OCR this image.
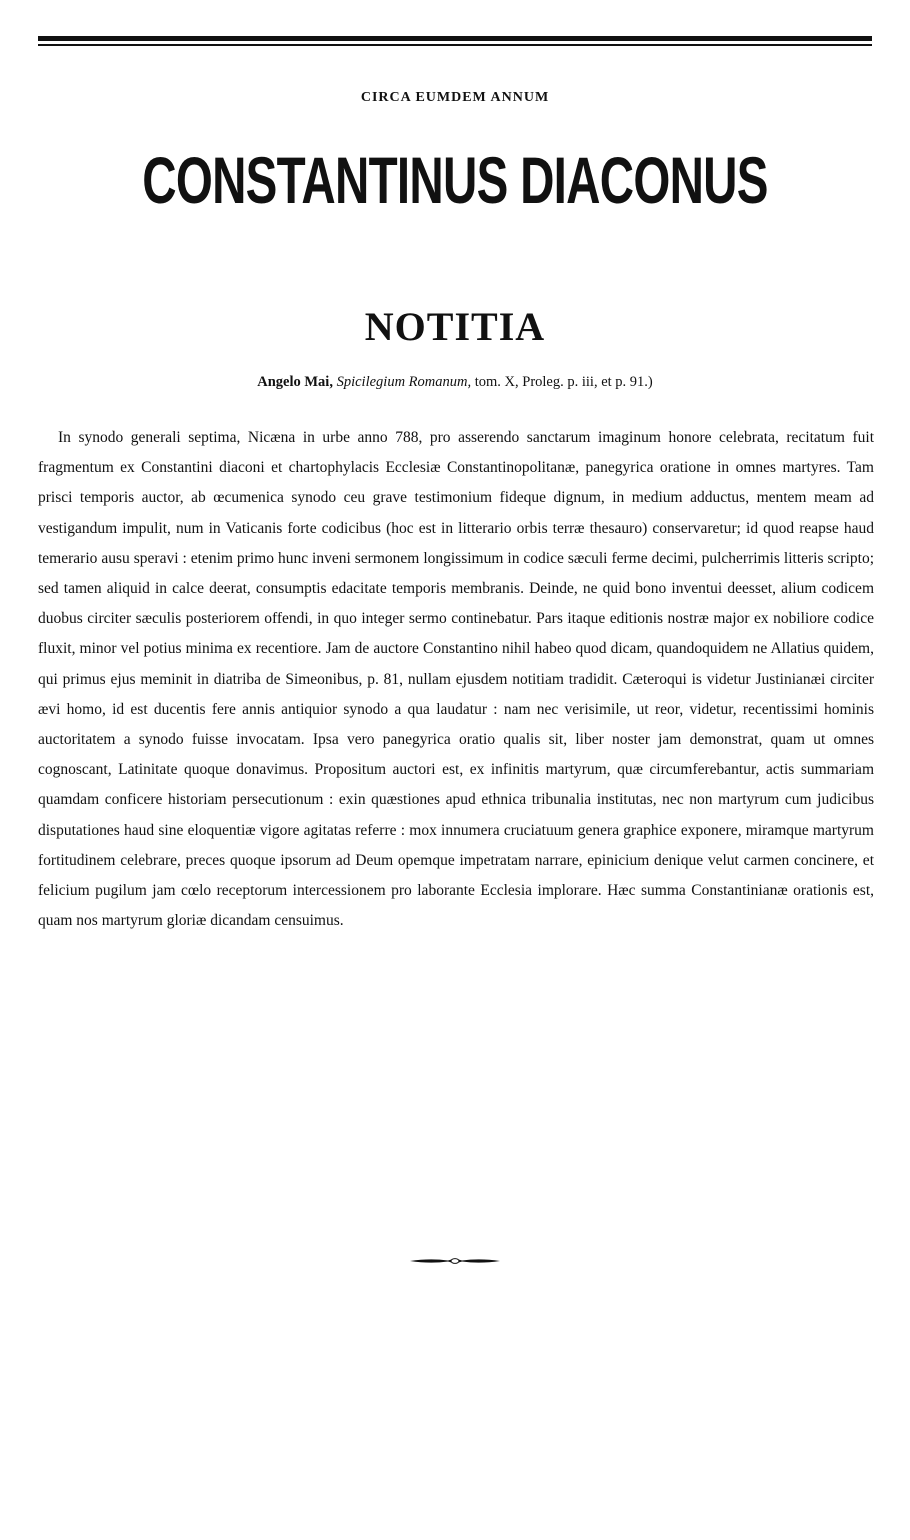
CIRCA EUMDEM ANNUM
CONSTANTINUS DIACONUS
NOTITIA
Angelo Mai, Spicilegium Romanum, tom. X, Proleg. p. iii, et p. 91.)

In synodo generali septima, Nicæna in urbe anno 788, pro asserendo sanctarum imaginum honore celebrata, recitatum fuit fragmentum ex Constantini diaconi et chartophylacis Ecclesiæ Constantinopolitanæ, panegyrica oratione in omnes martyres. Tam prisci temporis auctor, ab œcumenica synodo ceu grave testimonium fideque dignum, in medium adductus, mentem meam ad vestigandum impulit, num in Vaticanis forte codicibus (hoc est in litterario orbis terræ thesauro) conservaretur; id quod reapse haud temerario ausu speravi : etenim primo hunc inveni sermonem longissimum in codice sæculi ferme decimi, pulcherrimis litteris scripto; sed tamen aliquid in calce deerat, consumptis edacitate temporis membranis. Deinde, ne quid bono inventui deesset, alium codicem duobus circiter sæculis posteriorem offendi, in quo integer sermo continebatur. Pars itaque editionis nostræ major ex nobiliore codice fluxit, minor vel potius minima ex recentiore. Jam de auctore Constantino nihil habeo quod dicam, quandoquidem ne Allatius quidem, qui primus ejus meminit in diatriba de Simeonibus, p. 81, nullam ejusdem notitiam tradidit. Cæteroqui is videtur Justinianæi circiter ævi homo, id est ducentis fere annis antiquior synodo a qua laudatur : nam nec verisimile, ut reor, videtur, recentissimi hominis auctoritatem a synodo fuisse invocatam. Ipsa vero panegyrica oratio qualis sit, liber noster jam demonstrat, quam ut omnes cognoscant, Latinitate quoque donavimus. Propositum auctori est, ex infinitis martyrum, quæ circumferebantur, actis summariam quamdam conficere historiam persecutionum : exin quæstiones apud ethnica tribunalia institutas, nec non martyrum cum judicibus disputationes haud sine eloquentiæ vigore agitatas referre : mox innumera cruciatuum genera graphice exponere, miramque martyrum fortitudinem celebrare, preces quoque ipsorum ad Deum opemque impetratam narrare, epinicium denique velut carmen concinere, et felicium pugilum jam cœlo receptorum intercessionem pro laborante Ecclesia implorare. Hæc summa Constantinianæ orationis est, quam nos martyrum gloriæ dicandam censuimus.
